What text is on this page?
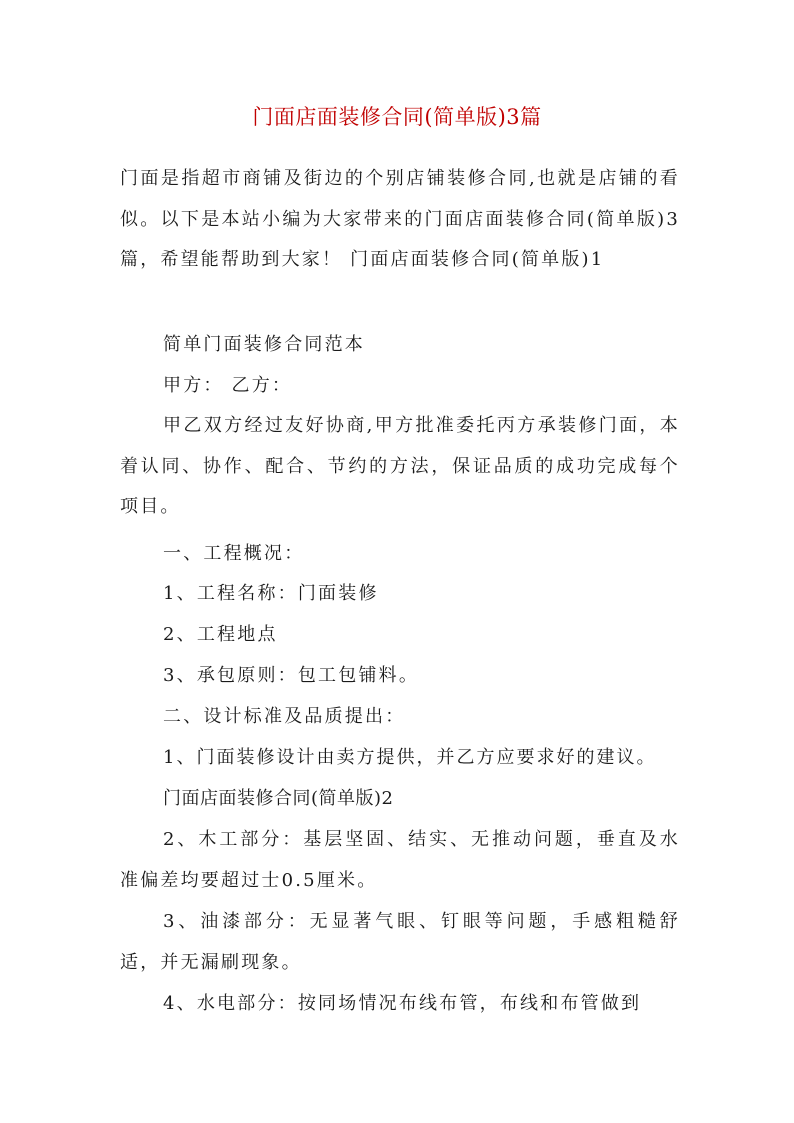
门面店面装修合同(简单版)3篇

门面是指超市商铺及街边的个别店铺装修合同,也就是店铺的看似。以下是本站小编为大家带来的门面店面装修合同(简单版)3篇，希望能帮助到大家！ 门面店面装修合同(简单版)1

简单门面装修合同范本

甲方： 乙方：

甲乙双方经过友好协商,甲方批准委托丙方承装修门面，本着认同、协作、配合、节约的方法，保证品质的成功完成每个项目。

一、工程概况：

1、工程名称：门面装修

2、工程地点

3、承包原则：包工包铺料。

二、设计标准及品质提出：

1、门面装修设计由卖方提供，并乙方应要求好的建议。

门面店面装修合同(简单版)2

2、木工部分：基层坚固、结实、无推动问题，垂直及水准偏差均要超过士0.5厘米。

3、油漆部分：无显著气眼、钉眼等问题，手感粗糙舒适，并无漏刷现象。

4、水电部分：按同场情况布线布管，布线和布管做到
